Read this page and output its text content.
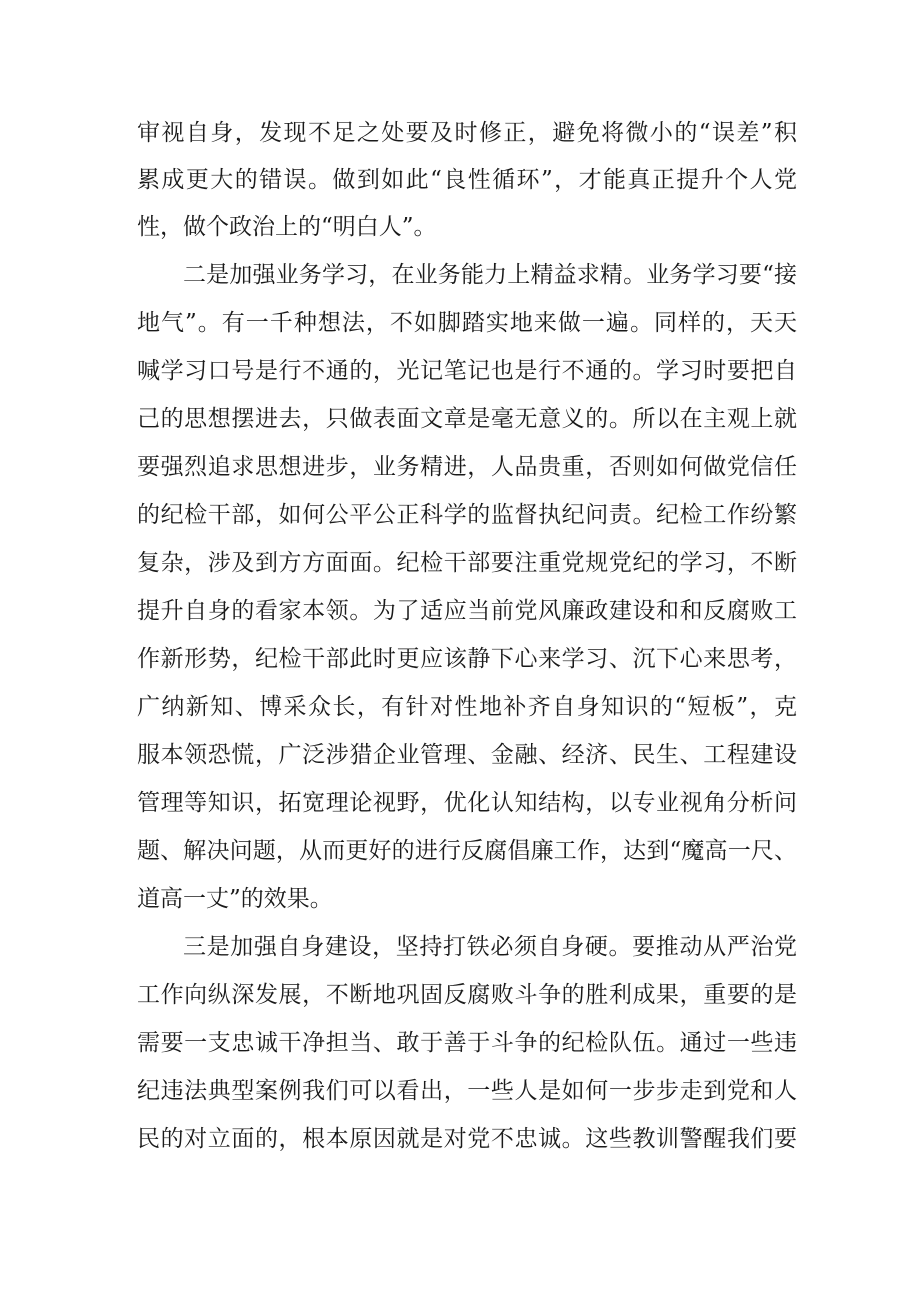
审视自身，发现不足之处要及时修正，避免将微小的“误差”积

累成更大的错误。做到如此“良性循环”，才能真正提升个人党

性，做个政治上的“明白人”。

二是加强业务学习，在业务能力上精益求精。业务学习要“接

地气”。有一千种想法，不如脚踏实地来做一遍。同样的，天天

喊学习口号是行不通的，光记笔记也是行不通的。学习时要把自

己的思想摆进去，只做表面文章是毫无意义的。所以在主观上就

要强烈追求思想进步，业务精进，人品贵重，否则如何做党信任

的纪检干部，如何公平公正科学的监督执纪问责。纪检工作纷繁

复杂，涉及到方方面面。纪检干部要注重党规党纪的学习，不断

提升自身的看家本领。为了适应当前党风廉政建设和和反腐败工

作新形势，纪检干部此时更应该静下心来学习、沉下心来思考，

广纳新知、博采众长，有针对性地补齐自身知识的“短板”，克

服本领恐慌，广泛涉猎企业管理、金融、经济、民生、工程建设

管理等知识，拓宽理论视野，优化认知结构，以专业视角分析问

题、解决问题，从而更好的进行反腐倡廉工作，达到“魔高一尺、

道高一丈”的效果。

三是加强自身建设，坚持打铁必须自身硬。要推动从严治党

工作向纵深发展，不断地巩固反腐败斗争的胜利成果，重要的是

需要一支忠诚干净担当、敢于善于斗争的纪检队伍。通过一些违

纪违法典型案例我们可以看出，一些人是如何一步步走到党和人

民的对立面的，根本原因就是对党不忠诚。这些教训警醒我们要
